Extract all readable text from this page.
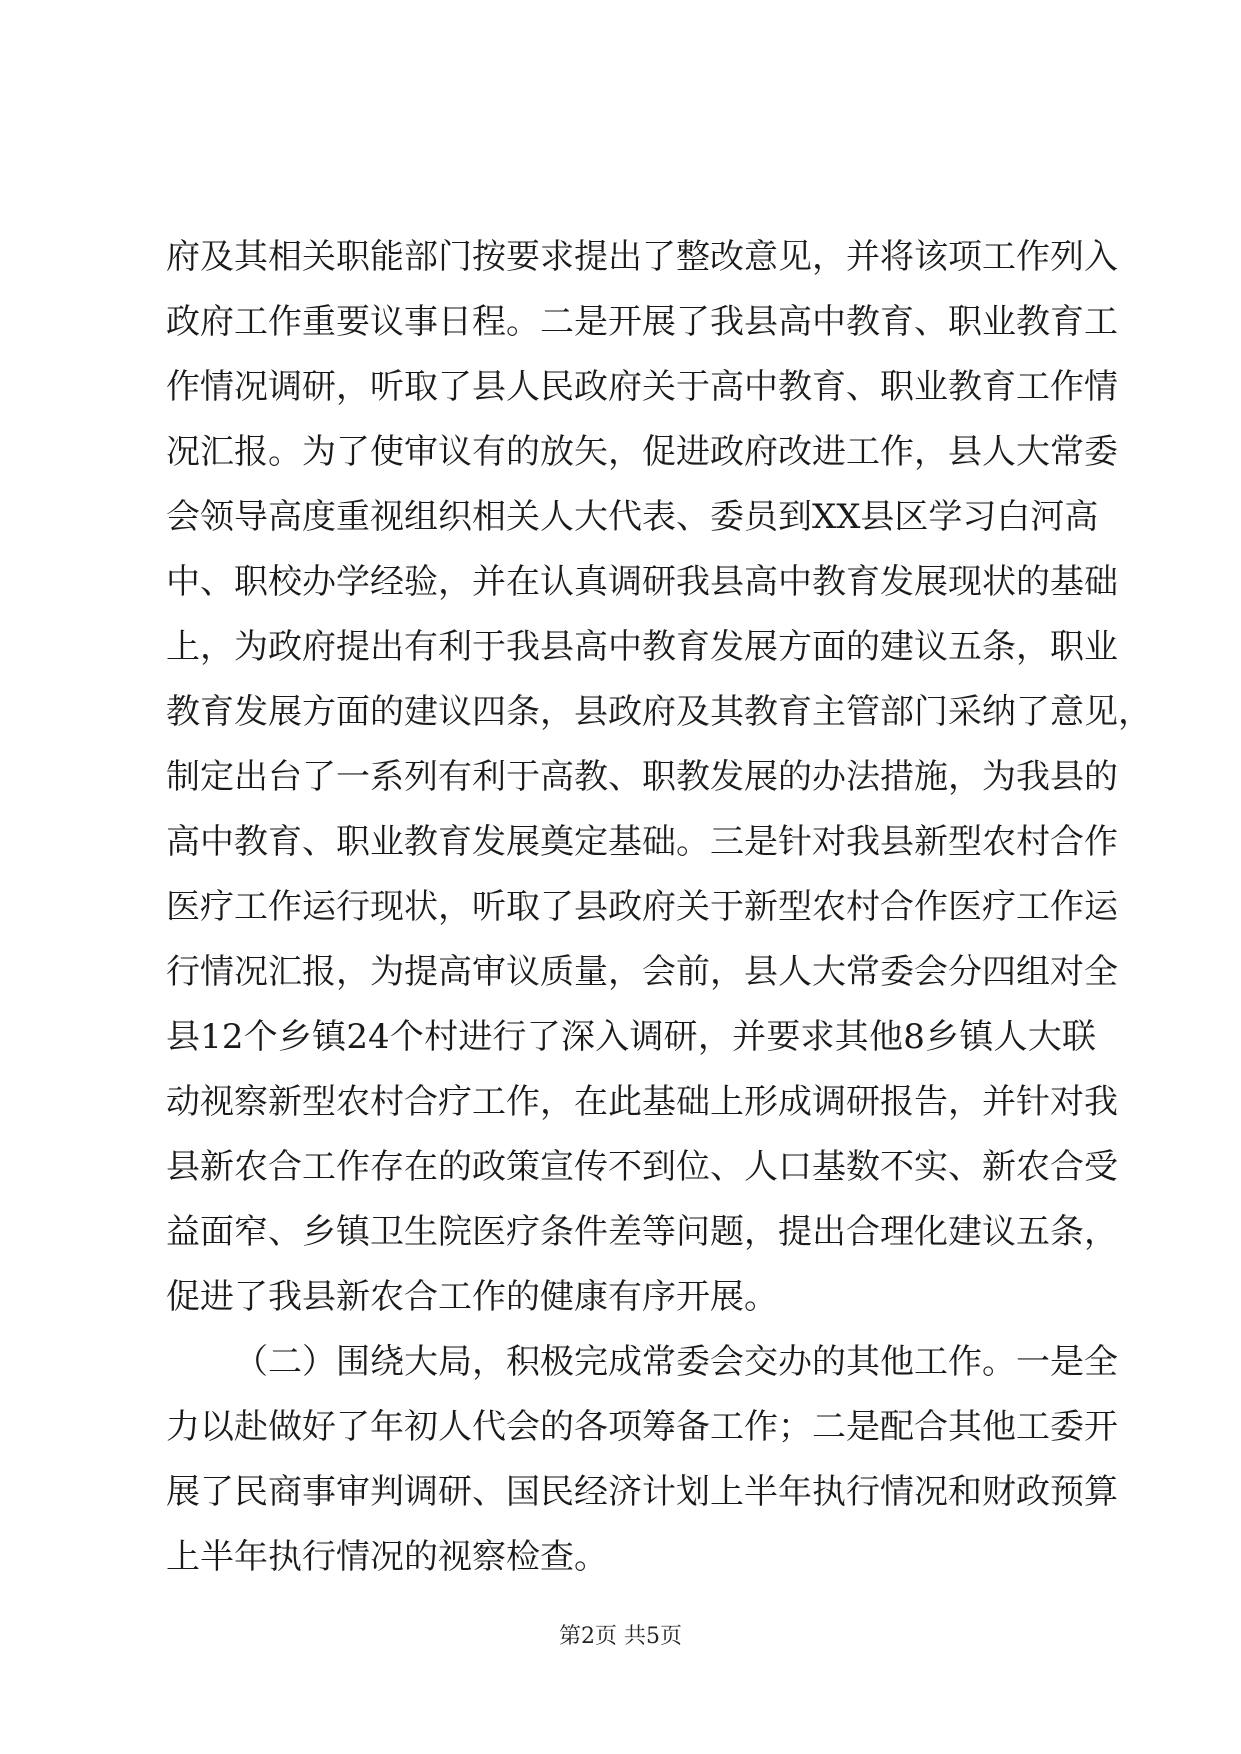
府及其相关职能部门按要求提出了整改意见，并将该项工作列入
政府工作重要议事日程。二是开展了我县高中教育、职业教育工
作情况调研，听取了县人民政府关于高中教育、职业教育工作情
况汇报。为了使审议有的放矢，促进政府改进工作，县人大常委
会领导高度重视组织相关人大代表、委员到XX县区学习白河高
中、职校办学经验，并在认真调研我县高中教育发展现状的基础
上，为政府提出有利于我县高中教育发展方面的建议五条，职业
教育发展方面的建议四条，县政府及其教育主管部门采纳了意见，
制定出台了一系列有利于高教、职教发展的办法措施，为我县的
高中教育、职业教育发展奠定基础。三是针对我县新型农村合作
医疗工作运行现状，听取了县政府关于新型农村合作医疗工作运
行情况汇报，为提高审议质量，会前，县人大常委会分四组对全
县12个乡镇24个村进行了深入调研，并要求其他8乡镇人大联
动视察新型农村合疗工作，在此基础上形成调研报告，并针对我
县新农合工作存在的政策宣传不到位、人口基数不实、新农合受
益面窄、乡镇卫生院医疗条件差等问题，提出合理化建议五条，
促进了我县新农合工作的健康有序开展。
（二）围绕大局，积极完成常委会交办的其他工作。一是全
力以赴做好了年初人代会的各项筹备工作；二是配合其他工委开
展了民商事审判调研、国民经济计划上半年执行情况和财政预算
上半年执行情况的视察检查。
第2页 共5页
